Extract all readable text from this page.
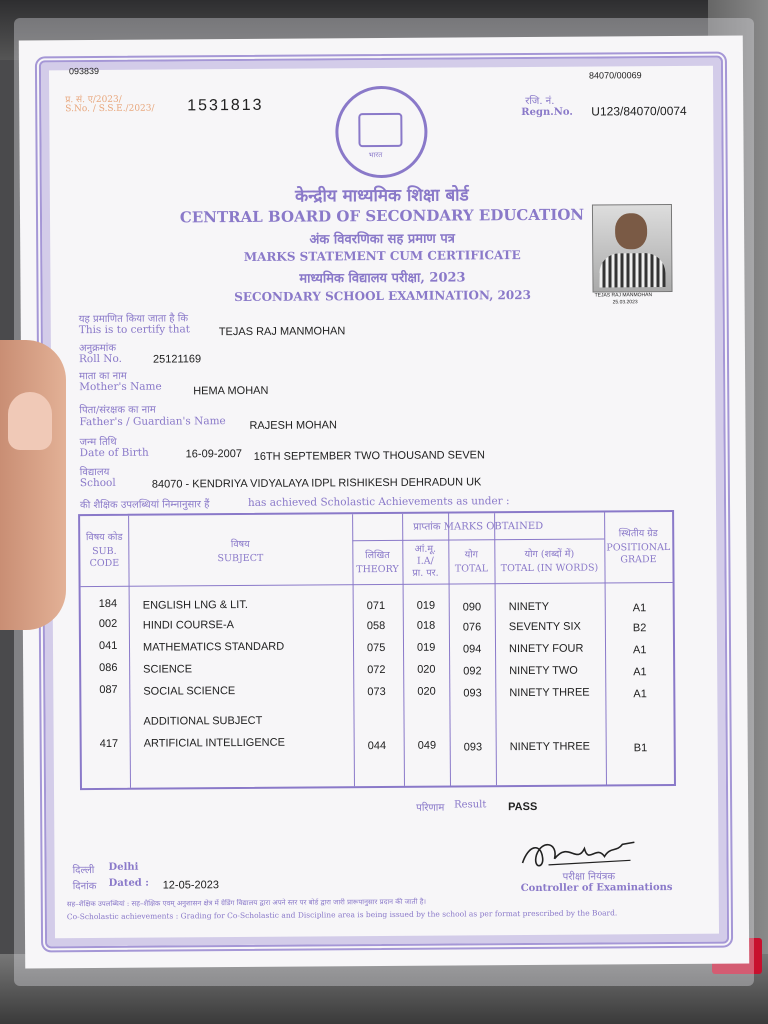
093839	84070/00069
प्र. सं. ए/2023/
S.No. / S.S.E./2023/ 1531813	रजि. नं.
Regn.No. U123/84070/0074
भारत
केन्द्रीय माध्यमिक शिक्षा बोर्ड
CENTRAL BOARD OF SECONDARY EDUCATION
अंक विवरणिका सह प्रमाण पत्र
MARKS STATEMENT CUM CERTIFICATE
माध्यमिक विद्यालय परीक्षा, 2023
SECONDARY SCHOOL EXAMINATION, 2023	TEJAS RAJ MANMOHAN
25.03.2023
यह प्रमाणित किया जाता है कि
This is to certify that	TEJAS RAJ MANMOHAN
अनुक्रमांक
Roll No.	25121169
माता का नाम
Mother's Name	HEMA MOHAN
पिता/संरक्षक का नाम
Father's / Guardian's Name RAJESH MOHAN
जन्म तिथि
Date of Birth	16-09-2007 16TH SEPTEMBER TWO THOUSAND SEVEN
विद्यालय
School	84070 - KENDRIYA VIDYALAYA IDPL RISHIKESH DEHRADUN UK
की शैक्षिक उपलब्धियां निम्नानुसार हैं	has achieved Scholastic Achievements as under :
विषय कोड
SUB. CODE
विषय
SUBJECT
प्राप्तांक MARKS OBTAINED
लिखित
THEORY
आं.मू.
I.A/
प्रा. पर.
योग
TOTAL
योग (शब्दों में)
TOTAL (IN WORDS)
स्थितीय ग्रेड
POSITIONAL
GRADE
184 ENGLISH LNG & LIT.	071	019	090	NINETY	A1
002 HINDI COURSE-A	058	018	076	SEVENTY SIX	B2
041 MATHEMATICS STANDARD	075	019	094	NINETY FOUR	A1
086 SCIENCE	072	020	092	NINETY TWO	A1
087 SOCIAL SCIENCE	073	020	093	NINETY THREE	A1
ADDITIONAL SUBJECT
417 ARTIFICIAL INTELLIGENCE	044	049	093	NINETY THREE	B1
परिणाम Result PASS
दिल्ली Delhi
दिनांक Dated : 12-05-2023
परीक्षा नियंत्रक
Controller of Examinations
सह–शैक्षिक उपलब्धियां : सह–शैक्षिक एवम् अनुशासन क्षेत्र में ग्रेडिंग विद्यालय द्वारा अपने स्तर पर बोर्ड द्वारा जारी प्रारूपानुसार प्रदान की जाती है।
Co-Scholastic achievements : Grading for Co-Scholastic and Discipline area is being issued by the school as per format prescribed by the Board.
